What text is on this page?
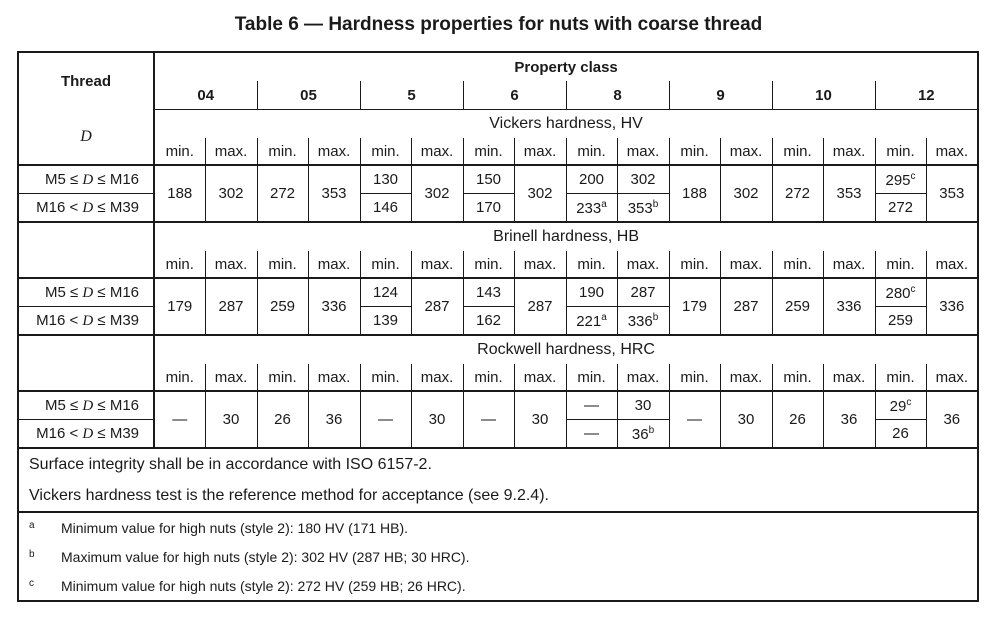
Table 6 — Hardness properties for nuts with coarse thread
Thread	Property class															
	04		05		5		6		8		9		10		12	
D	Vickers hardness, HV															
	min.	max.	min.	max.	min.	max.	min.	max.	min.	max.	min.	max.	min.	max.	min.	max.
M5 ≤ D ≤ M16	188	302	272	353	130	302	150	302	200	302	188	302	272	353	295$^c$	353
M16 < D ≤ M39					146		170		233$^a$	353$^b$					272	
	Brinell hardness, HB															
	min.	max.	min.	max.	min.	max.	min.	max.	min.	max.	min.	max.	min.	max.	min.	max.
M5 ≤ D ≤ M16	179	287	259	336	124	287	143	287	190	287	179	287	259	336	280$^c$	336
M16 < D ≤ M39					139		162		221$^a$	336$^b$					259	
	Rockwell hardness, HRC															
	min.	max.	min.	max.	min.	max.	min.	max.	min.	max.	min.	max.	min.	max.	min.	max.
M5 ≤ D ≤ M16	—	30	26	36	—	30	—	30	—	30	—	30	26	36	29$^c$	36
M16 < D ≤ M39									—	36$^b$					26	
Surface integrity shall be in accordance with ISO 6157-2.																
Vickers hardness test is the reference method for acceptance (see 9.2.4).																
a Minimum value for high nuts (style 2): 180 HV (171 HB).																
b Maximum value for high nuts (style 2): 302 HV (287 HB; 30 HRC).																
c Minimum value for high nuts (style 2): 272 HV (259 HB; 26 HRC).																
